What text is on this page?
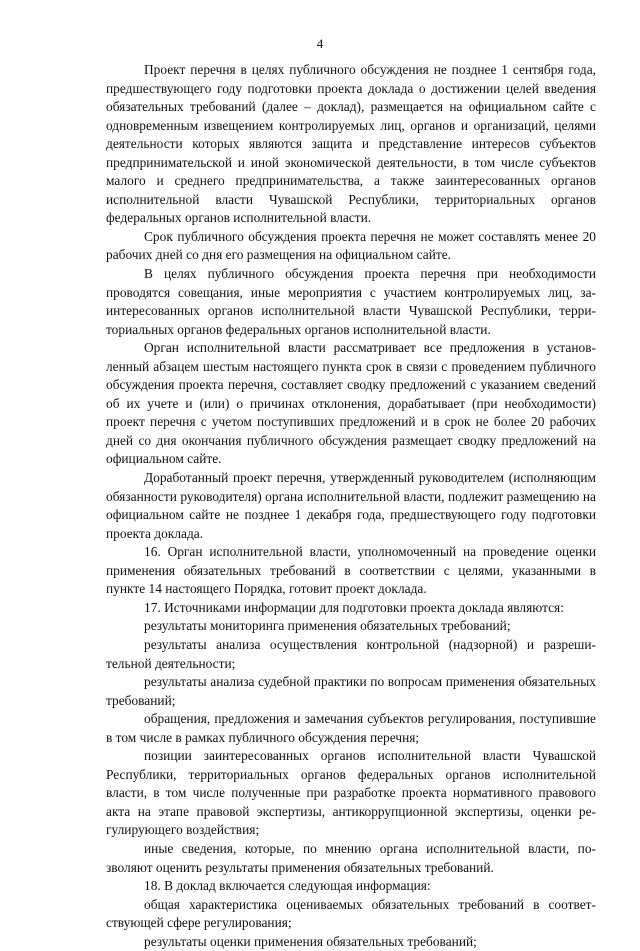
4

Проект перечня в целях публичного обсуждения не позднее 1 сентября года, предшествующего году подготовки проекта доклада о достижении целей введения обязательных требований (далее – доклад), размещается на официальном сайте с одновременным извещением контролируемых лиц, органов и организаций, целями деятельности которых являются защита и представление интересов субъектов предпринимательской и иной экономической деятельности, в том числе субъектов малого и среднего предпринимательства, а также заинтересованных органов исполнительной власти Чувашской Республики, территориальных органов федеральных органов исполнительной власти.

Срок публичного обсуждения проекта перечня не может составлять менее 20 рабочих дней со дня его размещения на официальном сайте.

В целях публичного обсуждения проекта перечня при необходимости проводятся совещания, иные мероприятия с участием контролируемых лиц, заинтересованных органов исполнительной власти Чувашской Республики, территориальных органов федеральных органов исполнительной власти.

Орган исполнительной власти рассматривает все предложения в установленный абзацем шестым настоящего пункта срок в связи с проведением публичного обсуждения проекта перечня, составляет сводку предложений с указанием сведений об их учете и (или) о причинах отклонения, дорабатывает (при необходимости) проект перечня с учетом поступивших предложений и в срок не более 20 рабочих дней со дня окончания публичного обсуждения размещает сводку предложений на официальном сайте.

Доработанный проект перечня, утвержденный руководителем (исполняющим обязанности руководителя) органа исполнительной власти, подлежит размещению на официальном сайте не позднее 1 декабря года, предшествующего году подготовки проекта доклада.

16. Орган исполнительной власти, уполномоченный на проведение оценки применения обязательных требований в соответствии с целями, указанными в пункте 14 настоящего Порядка, готовит проект доклада.

17. Источниками информации для подготовки проекта доклада являются:

результаты мониторинга применения обязательных требований;

результаты анализа осуществления контрольной (надзорной) и разрешительной деятельности;

результаты анализа судебной практики по вопросам применения обязательных требований;

обращения, предложения и замечания субъектов регулирования, поступившие в том числе в рамках публичного обсуждения перечня;

позиции заинтересованных органов исполнительной власти Чувашской Республики, территориальных органов федеральных органов исполнительной власти, в том числе полученные при разработке проекта нормативного правового акта на этапе правовой экспертизы, антикоррупционной экспертизы, оценки регулирующего воздействия;

иные сведения, которые, по мнению органа исполнительной власти, позволяют оценить результаты применения обязательных требований.

18. В доклад включается следующая информация:

общая характеристика оцениваемых обязательных требований в соответствующей сфере регулирования;

результаты оценки применения обязательных требований;
